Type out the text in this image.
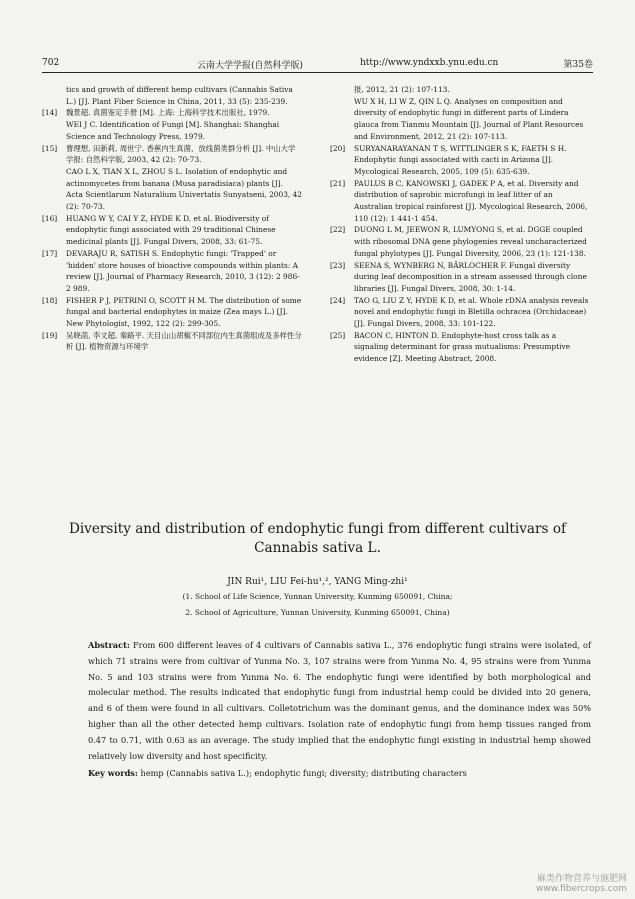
702	云南大学学报(自然科学版)	http://www.yndxxb.ynu.edu.cn	第35卷

tics and growth of different hemp cultivars (Cannabis Sativa L.) [J]. Plant Fiber Science in China, 2011, 33 (5): 235-239.

[14] 魏景超. 真菌鉴定手册 [M]. 上海: 上海科学技术出版社, 1979.

WEI J C. Identification of Fungi [M]. Shanghai: Shanghai Science and Technology Press, 1979.

[15] 曹理想, 田新莉, 周世宁. 香蕉内生真菌、放线菌类群分析 [J]. 中山大学学报: 自然科学版, 2003, 42 (2): 70-73.

CAO L X, TIAN X L, ZHOU S L. Isolation of endophytic and actinomycetes from banana (Musa paradisiaca) plants [J]. Acta Scientlarum Naturalium Univertatis Sunyatseni, 2003, 42 (2): 70-73.

[16] HUANG W Y, CAI Y Z, HYDE K D, et al. Biodiversity of endophytic fungi associated with 29 traditional Chinese medicinal plants [J]. Fungal Divers, 2008, 33: 61-75.

[17] DEVARAJU R, SATISH S. Endophytic fungi: 'Trapped' or 'hidden' store houses of bioactive compounds within plants: A review [J]. Journal of Pharmacy Research, 2010, 3 (12): 2 986-2 989.

[18] FISHER P J, PETRINI O, SCOTT H M. The distribution of some fungal and bacterial endophytes in maize (Zea mays L.) [J]. New Phytologist, 1992, 122 (2): 299-305.

[19] 吴晓菡, 李文超, 秦路平. 天目山山胡椒不同部位内生真菌组成及多样性分析 [J]. 植物资源与环境学

报, 2012, 21 (2): 107-113.

WU X H, LI W Z, QIN L Q. Analyses on composition and diversity of endophytic fungi in different parts of Lindera glauca from Tianmu Mountain [J]. Journal of Plant Resources and Environment, 2012, 21 (2): 107-113.

[20] SURYANARAYANAN T S, WITTLINGER S K, FAETH S H. Endophytic fungi associated with cacti in Arizona [J]. Mycological Research, 2005, 109 (5): 635-639.

[21] PAULUS B C, KANOWSKI J, GADEK P A, et al. Diversity and distribution of saprobic microfungi in leaf litter of an Australian tropical rainforest [J]. Mycological Research, 2006, 110 (12): 1 441-1 454.

[22] DUONG L M, JEEWON R, LUMYONG S, et al. DGGE coupled with ribosomal DNA gene phylogenies reveal uncharacterized fungal phylotypes [J]. Fungal Diversity, 2006, 23 (1): 121-138.

[23] SEENA S, WYNBERG N, BÄRLOCHER F. Fungal diversity during leaf decomposition in a stream assessed through clone libraries [J]. Fungal Divers, 2008, 30: 1-14.

[24] TAO G, LIU Z Y, HYDE K D, et al. Whole rDNA analysis reveals novel and endophytic fungi in Bletilla ochracea (Orchidaceae) [J]. Fungal Divers, 2008, 33: 101-122.

[25] BACON C, HINTON D. Endophyte-host cross talk as a signaling determinant for grass mutualisms: Presumptive evidence [Z]. Meeting Abstract, 2008.

Diversity and distribution of endophytic fungi from different cultivars of Cannabis sativa L.

JIN Rui¹, LIU Fei-hu¹,², YANG Ming-zhi¹
(1. School of Life Science, Yunnan University, Kunming 650091, China;
2. School of Agriculture, Yunnan University, Kunming 650091, China)

Abstract: From 600 different leaves of 4 cultivars of Cannabis sativa L., 376 endophytic fungi strains were isolated, of which 71 strains were from cultivar of Yunma No. 3, 107 strains were from Yunma No. 4, 95 strains were from Yunma No. 5 and 103 strains were from Yunma No. 6. The endophytic fungi were identified by both morphological and molecular method. The results indicated that endophytic fungi from industrial hemp could be divided into 20 genera, and 6 of them were found in all cultivars. Colletotrichum was the dominant genus, and the dominance index was 50% higher than all the other detected hemp cultivars. Isolation rate of endophytic fungi from hemp tissues ranged from 0.47 to 0.71, with 0.63 as an average. The study implied that the endophytic fungi existing in industrial hemp showed relatively low diversity and host specificity.

Key words: hemp (Cannabis sativa L.); endophytic fungi; diversity; distributing characters

麻类作物营养与施肥网
www.fibercrops.com
